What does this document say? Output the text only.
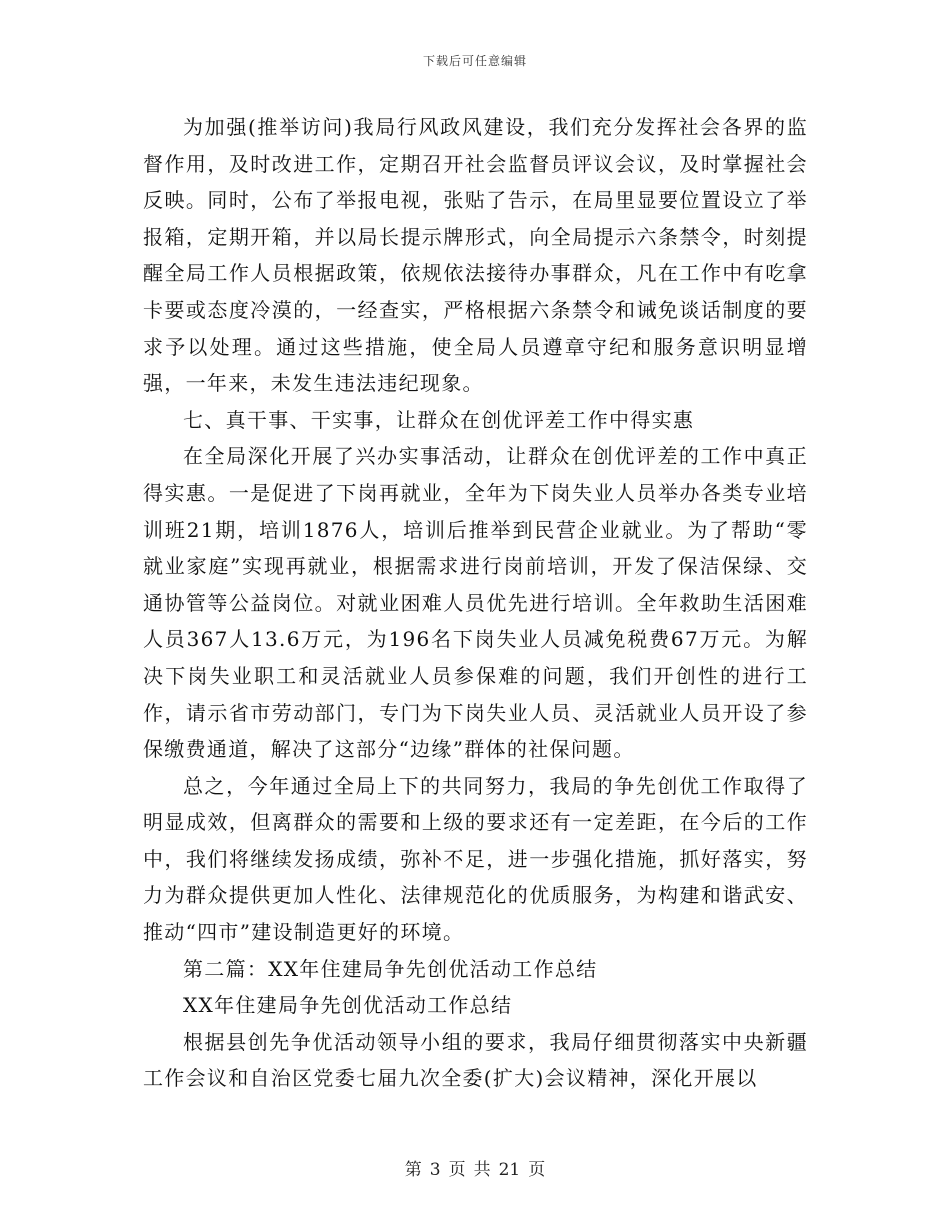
下载后可任意编辑

为加强(推举访问)我局行风政风建设，我们充分发挥社会各界的监督作用，及时改进工作，定期召开社会监督员评议会议，及时掌握社会反映。同时，公布了举报电视，张贴了告示，在局里显要位置设立了举报箱，定期开箱，并以局长提示牌形式，向全局提示六条禁令，时刻提醒全局工作人员根据政策，依规依法接待办事群众，凡在工作中有吃拿卡要或态度冷漠的，一经查实，严格根据六条禁令和诫免谈话制度的要求予以处理。通过这些措施，使全局人员遵章守纪和服务意识明显增强，一年来，未发生违法违纪现象。

七、真干事、干实事，让群众在创优评差工作中得实惠

在全局深化开展了兴办实事活动，让群众在创优评差的工作中真正得实惠。一是促进了下岗再就业，全年为下岗失业人员举办各类专业培训班21期，培训1876人，培训后推举到民营企业就业。为了帮助“零就业家庭”实现再就业，根据需求进行岗前培训，开发了保洁保绿、交通协管等公益岗位。对就业困难人员优先进行培训。全年救助生活困难人员367人13.6万元，为196名下岗失业人员减免税费67万元。为解决下岗失业职工和灵活就业人员参保难的问题，我们开创性的进行工作，请示省市劳动部门，专门为下岗失业人员、灵活就业人员开设了参保缴费通道，解决了这部分“边缘”群体的社保问题。

总之，今年通过全局上下的共同努力，我局的争先创优工作取得了明显成效，但离群众的需要和上级的要求还有一定差距，在今后的工作中，我们将继续发扬成绩，弥补不足，进一步强化措施，抓好落实，努力为群众提供更加人性化、法律规范化的优质服务，为构建和谐武安、推动“四市”建设制造更好的环境。

第二篇：XX年住建局争先创优活动工作总结

XX年住建局争先创优活动工作总结

根据县创先争优活动领导小组的要求，我局仔细贯彻落实中央新疆工作会议和自治区党委七届九次全委(扩大)会议精神，深化开展以

第 3 页 共 21 页
